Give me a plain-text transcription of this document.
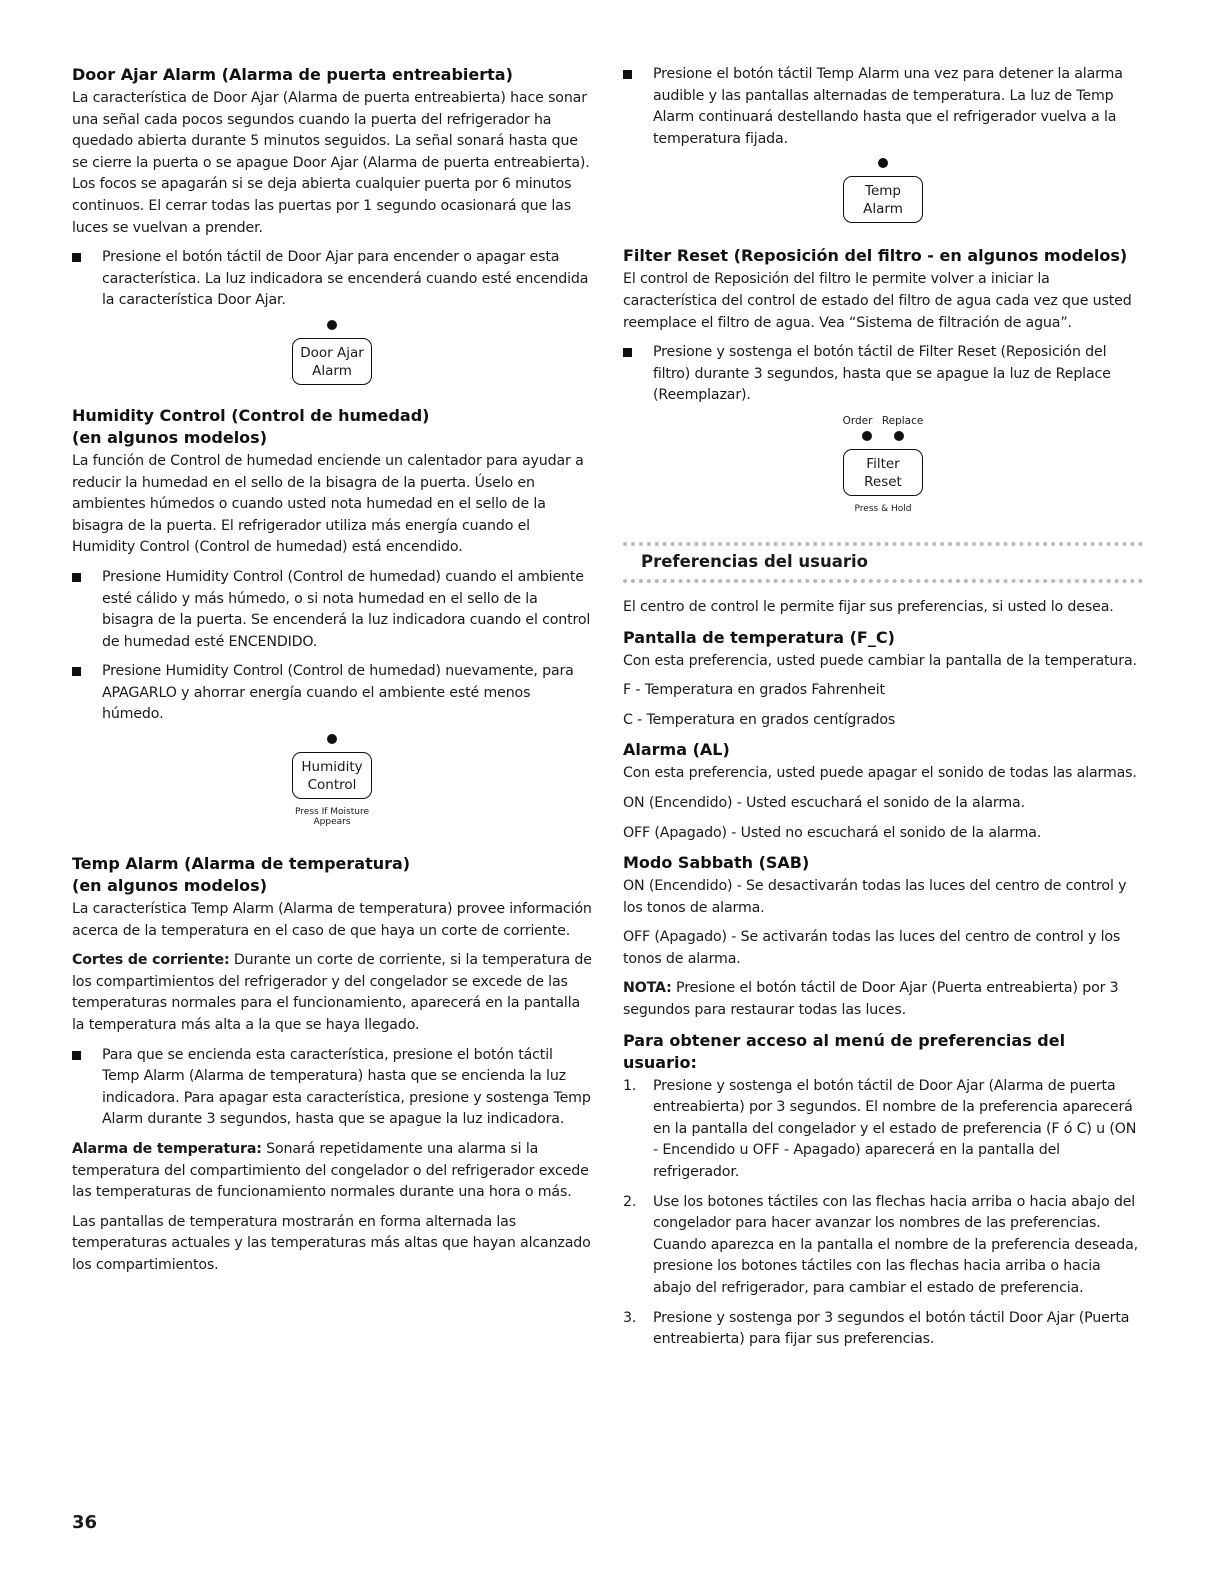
Door Ajar Alarm (Alarma de puerta entreabierta)

La característica de Door Ajar (Alarma de puerta entreabierta) hace sonar una señal cada pocos segundos cuando la puerta del refrigerador ha quedado abierta durante 5 minutos seguidos. La señal sonará hasta que se cierre la puerta o se apague Door Ajar (Alarma de puerta entreabierta). Los focos se apagarán si se deja abierta cualquier puerta por 6 minutos continuos. El cerrar todas las puertas por 1 segundo ocasionará que las luces se vuelvan a prender.

Presione el botón táctil de Door Ajar para encender o apagar esta característica. La luz indicadora se encenderá cuando esté encendida la característica Door Ajar.
Door Ajar
Alarm
Humidity Control (Control de humedad)
(en algunos modelos)

La función de Control de humedad enciende un calentador para ayudar a reducir la humedad en el sello de la bisagra de la puerta. Úselo en ambientes húmedos o cuando usted nota humedad en el sello de la bisagra de la puerta. El refrigerador utiliza más energía cuando el Humidity Control (Control de humedad) está encendido.

Presione Humidity Control (Control de humedad) cuando el ambiente esté cálido y más húmedo, o si nota humedad en el sello de la bisagra de la puerta. Se encenderá la luz indicadora cuando el control de humedad esté ENCENDIDO.
Presione Humidity Control (Control de humedad) nuevamente, para APAGARLO y ahorrar energía cuando el ambiente esté menos húmedo.
Humidity
Control
Press If Moisture
Appears
Temp Alarm (Alarma de temperatura)
(en algunos modelos)

La característica Temp Alarm (Alarma de temperatura) provee información acerca de la temperatura en el caso de que haya un corte de corriente.

Cortes de corriente: Durante un corte de corriente, si la temperatura de los compartimientos del refrigerador y del congelador se excede de las temperaturas normales para el funcionamiento, aparecerá en la pantalla la temperatura más alta a la que se haya llegado.

Para que se encienda esta característica, presione el botón táctil Temp Alarm (Alarma de temperatura) hasta que se encienda la luz indicadora. Para apagar esta característica, presione y sostenga Temp Alarm durante 3 segundos, hasta que se apague la luz indicadora.

Alarma de temperatura: Sonará repetidamente una alarma si la temperatura del compartimiento del congelador o del refrigerador excede las temperaturas de funcionamiento normales durante una hora o más.

Las pantallas de temperatura mostrarán en forma alternada las temperaturas actuales y las temperaturas más altas que hayan alcanzado los compartimientos.

Presione el botón táctil Temp Alarm una vez para detener la alarma audible y las pantallas alternadas de temperatura. La luz de Temp Alarm continuará destellando hasta que el refrigerador vuelva a la temperatura fijada.
Temp
Alarm
Filter Reset (Reposición del filtro - en algunos modelos)

El control de Reposición del filtro le permite volver a iniciar la característica del control de estado del filtro de agua cada vez que usted reemplace el filtro de agua. Vea “Sistema de filtración de agua”.

Presione y sostenga el botón táctil de Filter Reset (Reposición del filtro) durante 3 segundos, hasta que se apague la luz de Replace (Reemplazar).
Order Replace
Filter
Reset
Press & Hold
Preferencias del usuario

El centro de control le permite fijar sus preferencias, si usted lo desea.

Pantalla de temperatura (F_C)

Con esta preferencia, usted puede cambiar la pantalla de la temperatura.

F - Temperatura en grados Fahrenheit

C - Temperatura en grados centígrados

Alarma (AL)

Con esta preferencia, usted puede apagar el sonido de todas las alarmas.

ON (Encendido) - Usted escuchará el sonido de la alarma.

OFF (Apagado) - Usted no escuchará el sonido de la alarma.

Modo Sabbath (SAB)

ON (Encendido) - Se desactivarán todas las luces del centro de control y los tonos de alarma.

OFF (Apagado) - Se activarán todas las luces del centro de control y los tonos de alarma.

NOTA: Presione el botón táctil de Door Ajar (Puerta entreabierta) por 3 segundos para restaurar todas las luces.

Para obtener acceso al menú de preferencias del usuario:
1. Presione y sostenga el botón táctil de Door Ajar (Alarma de puerta entreabierta) por 3 segundos. El nombre de la preferencia aparecerá en la pantalla del congelador y el estado de preferencia (F ó C) u (ON - Encendido u OFF - Apagado) aparecerá en la pantalla del refrigerador.
2. Use los botones táctiles con las flechas hacia arriba o hacia abajo del congelador para hacer avanzar los nombres de las preferencias. Cuando aparezca en la pantalla el nombre de la preferencia deseada, presione los botones táctiles con las flechas hacia arriba o hacia abajo del refrigerador, para cambiar el estado de preferencia.
3. Presione y sostenga por 3 segundos el botón táctil Door Ajar (Puerta entreabierta) para fijar sus preferencias.
36
